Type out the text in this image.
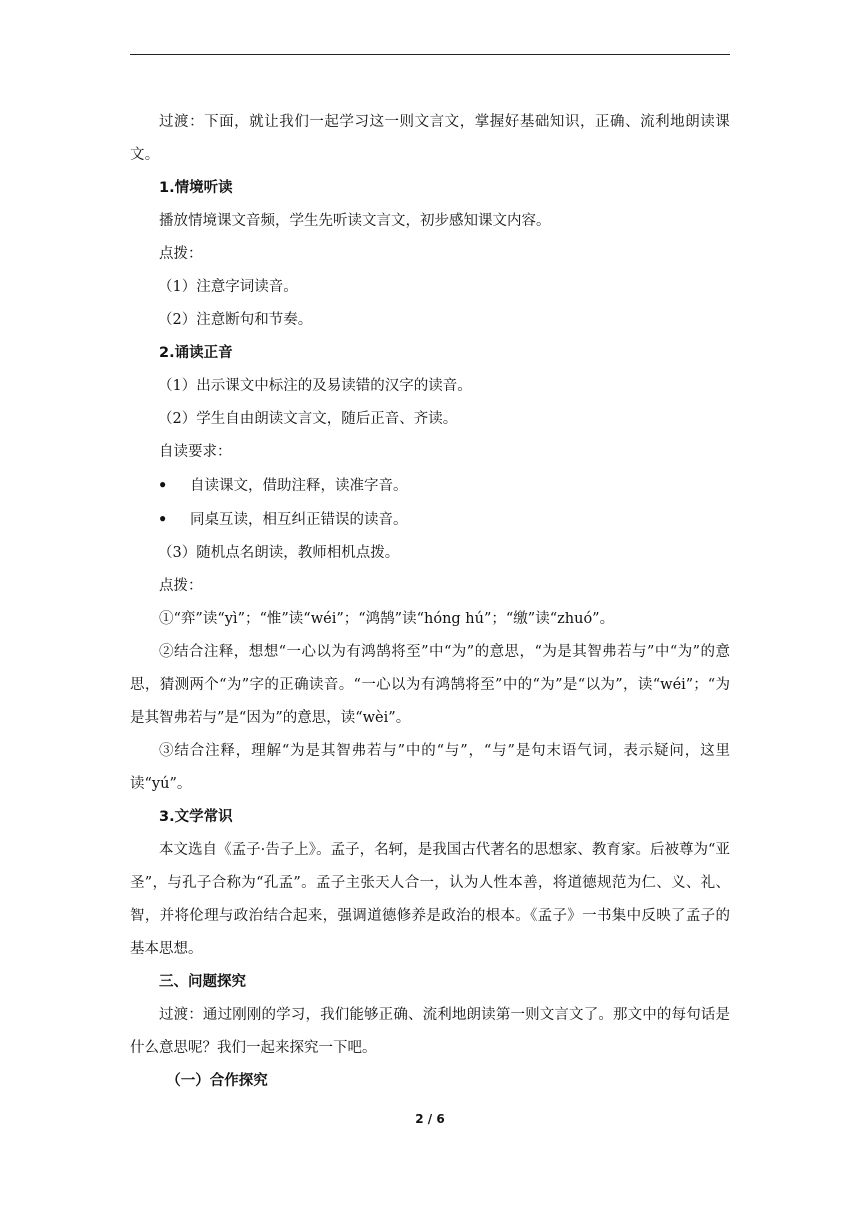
过渡：下面，就让我们一起学习这一则文言文，掌握好基础知识，正确、流利地朗读课文。

1.情境听读

播放情境课文音频，学生先听读文言文，初步感知课文内容。

点拨：

（1）注意字词读音。

（2）注意断句和节奏。

2.诵读正音

（1）出示课文中标注的及易读错的汉字的读音。

（2）学生自由朗读文言文，随后正音、齐读。

自读要求：

• 自读课文，借助注释，读准字音。

• 同桌互读，相互纠正错误的读音。

（3）随机点名朗读，教师相机点拨。

点拨：

①“弈”读“yì”；“惟”读“wéi”；“鸿鹄”读“hóng hú”；“缴”读“zhuó”。

②结合注释，想想“一心以为有鸿鹄将至”中“为”的意思，“为是其智弗若与”中“为”的意思，猜测两个“为”字的正确读音。“一心以为有鸿鹄将至”中的“为”是“以为”，读“wéi”；“为是其智弗若与”是“因为”的意思，读“wèi”。

③结合注释，理解“为是其智弗若与”中的“与”，“与”是句末语气词，表示疑问，这里读“yú”。

3.文学常识

本文选自《孟子·告子上》。孟子，名轲，是我国古代著名的思想家、教育家。后被尊为“亚圣”，与孔子合称为“孔孟”。孟子主张天人合一，认为人性本善，将道德规范为仁、义、礼、智，并将伦理与政治结合起来，强调道德修养是政治的根本。《孟子》一书集中反映了孟子的基本思想。

三、问题探究

过渡：通过刚刚的学习，我们能够正确、流利地朗读第一则文言文了。那文中的每句话是什么意思呢？我们一起来探究一下吧。

（一）合作探究

2 / 6
